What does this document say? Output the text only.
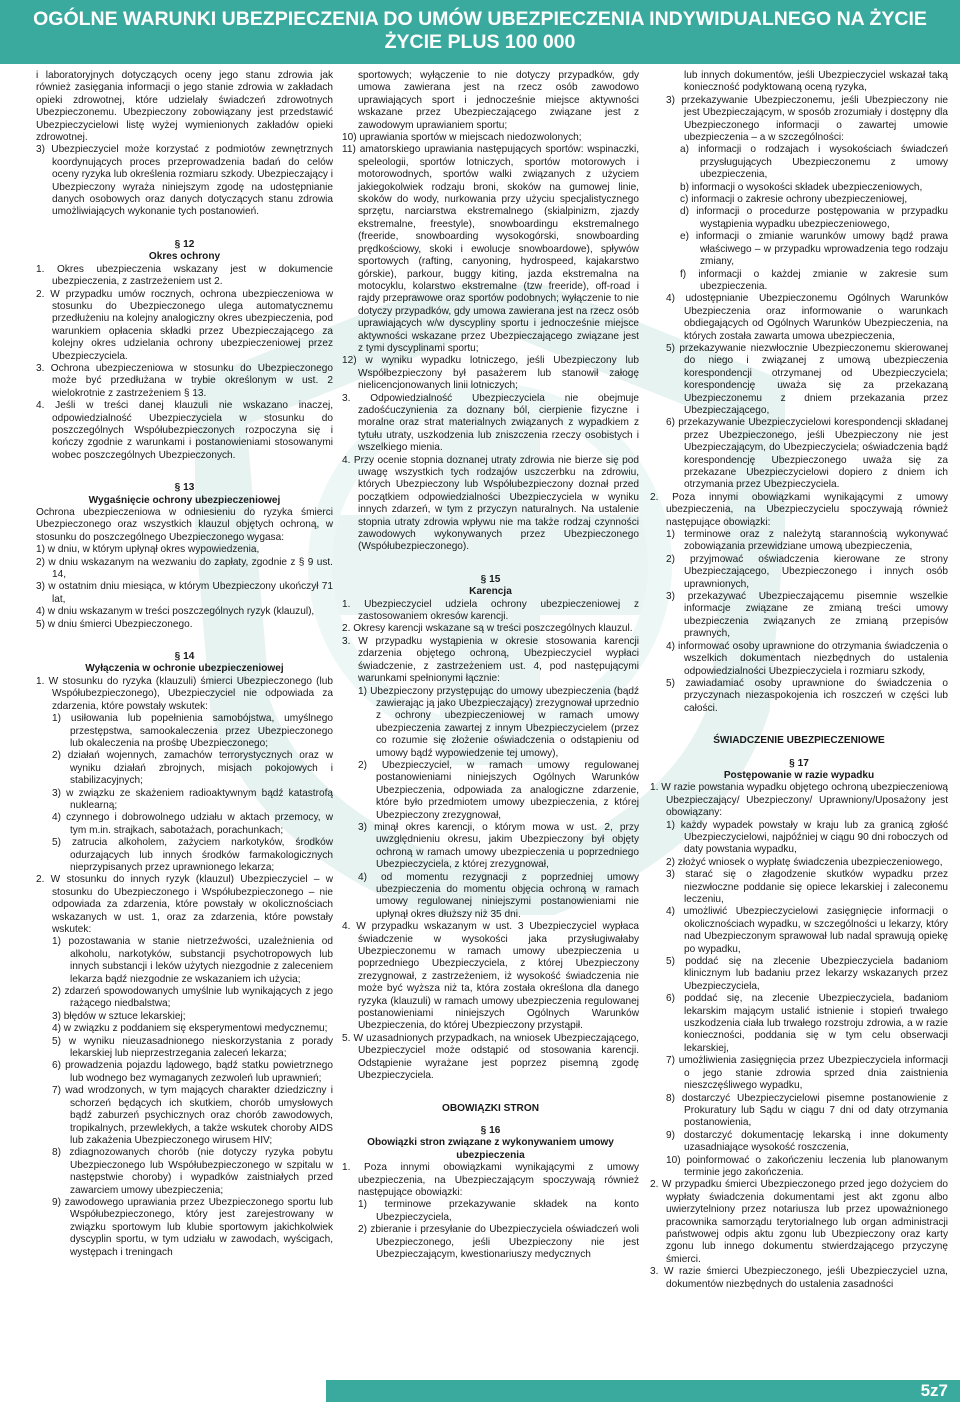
OGÓLNE WARUNKI UBEZPIECZENIA DO UMÓW UBEZPIECZENIA INDYWIDUALNEGO NA ŻYCIE
ŻYCIE PLUS 100 000

i laboratoryjnych dotyczących oceny jego stanu zdrowia jak również zasięgania informacji o jego stanie zdrowia w zakładach opieki zdrowotnej, które udzielały świadczeń zdrowotnych Ubezpieczonemu. Ubezpieczony zobowiązany jest przedstawić Ubezpieczycielowi listę wyżej wymienionych zakładów opieki zdrowotnej.

3) Ubezpieczyciel może korzystać z podmiotów zewnętrznych koordynujących proces przeprowadzenia badań do celów oceny ryzyka lub określenia rozmiaru szkody. Ubezpieczający i Ubezpieczony wyraża niniejszym zgodę na udostępnianie danych osobowych oraz danych dotyczących stanu zdrowia umożliwiających wykonanie tych postanowień.

§ 12

Okres ochrony

1. Okres ubezpieczenia wskazany jest w dokumencie ubezpieczenia, z zastrzeżeniem ust 2.

2. W przypadku umów rocznych, ochrona ubezpieczeniowa w stosunku do Ubezpieczonego ulega automatycznemu przedłużeniu na kolejny analogiczny okres ubezpieczenia, pod warunkiem opłacenia składki przez Ubezpieczającego za kolejny okres udzielania ochrony ubezpieczeniowej przez Ubezpieczyciela.

3. Ochrona ubezpieczeniowa w stosunku do Ubezpieczonego może być przedłużana w trybie określonym w ust. 2 wielokrotnie z zastrzeżeniem § 13.

4. Jeśli w treści danej klauzuli nie wskazano inaczej, odpowiedzialność Ubezpieczyciela w stosunku do poszczególnych Współubezpieczonych rozpoczyna się i kończy zgodnie z warunkami i postanowieniami stosowanymi wobec poszczególnych Ubezpieczonych.

§ 13

Wygaśnięcie ochrony ubezpieczeniowej

Ochrona ubezpieczeniowa w odniesieniu do ryzyka śmierci Ubezpieczonego oraz wszystkich klauzul objętych ochroną, w stosunku do poszczególnego Ubezpieczonego wygasa:

1) w dniu, w którym upłynął okres wypowiedzenia,

2) w dniu wskazanym na wezwaniu do zapłaty, zgodnie z § 9 ust. 14,

3) w ostatnim dniu miesiąca, w którym Ubezpieczony ukończył 71 lat,

4) w dniu wskazanym w treści poszczególnych ryzyk (klauzul),

5) w dniu śmierci Ubezpieczonego.

§ 14

Wyłączenia w ochronie ubezpieczeniowej

1. W stosunku do ryzyka (klauzuli) śmierci Ubezpieczonego (lub Współubezpieczonego), Ubezpieczyciel nie odpowiada za zdarzenia, które powstały wskutek:

1) usiłowania lub popełnienia samobójstwa, umyślnego przestępstwa, samookaleczenia przez Ubezpieczonego lub okaleczenia na prośbę Ubezpieczonego;

2) działań wojennych, zamachów terrorystycznych oraz w wyniku działań zbrojnych, misjach pokojowych i stabilizacyjnych;

3) w związku ze skażeniem radioaktywnym bądź katastrofą nuklearną;

4) czynnego i dobrowolnego udziału w aktach przemocy, w tym m.in. strajkach, sabotażach, porachunkach;

5) zatrucia alkoholem, zażyciem narkotyków, środków odurzających lub innych środków farmakologicznych nieprzypisanych przez uprawnionego lekarza;

2. W stosunku do innych ryzyk (klauzul) Ubezpieczyciel – w stosunku do Ubezpieczonego i Współubezpieczonego – nie odpowiada za zdarzenia, które powstały w okolicznościach wskazanych w ust. 1, oraz za zdarzenia, które powstały wskutek:

1) pozostawania w stanie nietrzeźwości, uzależnienia od alkoholu, narkotyków, substancji psychotropowych lub innych substancji i leków użytych niezgodnie z zaleceniem lekarza bądź niezgodnie ze wskazaniem ich użycia;

2) zdarzeń spowodowanych umyślnie lub wynikających z jego rażącego niedbalstwa;

3) błędów w sztuce lekarskiej;

4) w związku z poddaniem się eksperymentowi medycznemu;

5) w wyniku nieuzasadnionego nieskorzystania z porady lekarskiej lub nieprzestrzegania zaleceń lekarza;

6) prowadzenia pojazdu lądowego, bądź statku powietrznego lub wodnego bez wymaganych zezwoleń lub uprawnień;

7) wad wrodzonych, w tym mających charakter dziedziczny i schorzeń będących ich skutkiem, chorób umysłowych bądź zaburzeń psychicznych oraz chorób zawodowych, tropikalnych, przewlekłych, a także wskutek choroby AIDS lub zakażenia Ubezpieczonego wirusem HIV;

8) zdiagnozowanych chorób (nie dotyczy ryzyka pobytu Ubezpieczonego lub Współubezpieczonego w szpitalu w następstwie choroby) i wypadków zaistniałych przed zawarciem umowy ubezpieczenia;

9) zawodowego uprawiania przez Ubezpieczonego sportu lub Współubezpieczonego, który jest zarejestrowany w związku sportowym lub klubie sportowym jakichkolwiek dyscyplin sportu, w tym udziału w zawodach, wyścigach, występach i treningach

sportowych; wyłączenie to nie dotyczy przypadków, gdy umowa zawierana jest na rzecz osób zawodowo uprawiających sport i jednocześnie miejsce aktywności wskazane przez Ubezpieczającego związane jest z zawodowym uprawianiem sportu;

10) uprawiania sportów w miejscach niedozwolonych;

11) amatorskiego uprawiania następujących sportów: wspinaczki, speleologii, sportów lotniczych, sportów motorowych i motorowodnych, sportów walki związanych z użyciem jakiegokolwiek rodzaju broni, skoków na gumowej linie, skoków do wody, nurkowania przy użyciu specjalistycznego sprzętu, narciarstwa ekstremalnego (skialpinizm, zjazdy ekstremalne, freestyle), snowboardingu ekstremalnego (freeride, snowboarding wysokogórski, snowboarding prędkościowy, skoki i ewolucje snowboardowe), spływów sportowych (rafting, canyoning, hydrospeed, kajakarstwo górskie), parkour, buggy kiting, jazda ekstremalna na motocyklu, kolarstwo ekstremalne (tzw freeride), off-road i rajdy przeprawowe oraz sportów podobnych; wyłączenie to nie dotyczy przypadków, gdy umowa zawierana jest na rzecz osób uprawiających w/w dyscypliny sportu i jednocześnie miejsce aktywności wskazane przez Ubezpieczającego związane jest z tymi dyscyplinami sportu;

12) w wyniku wypadku lotniczego, jeśli Ubezpieczony lub Współbezpieczony był pasażerem lub stanowił załogę nielicencjonowanych linii lotniczych;

3. Odpowiedzialność Ubezpieczyciela nie obejmuje zadośćuczynienia za doznany ból, cierpienie fizyczne i moralne oraz strat materialnych związanych z wypadkiem z tytułu utraty, uszkodzenia lub zniszczenia rzeczy osobistych i wszelkiego mienia.

4. Przy ocenie stopnia doznanej utraty zdrowia nie bierze się pod uwagę wszystkich tych rodzajów uszczerbku na zdrowiu, których Ubezpieczony lub Współubezpieczony doznał przed początkiem odpowiedzialności Ubezpieczyciela w wyniku innych zdarzeń, w tym z przyczyn naturalnych. Na ustalenie stopnia utraty zdrowia wpływu nie ma także rodzaj czynności zawodowych wykonywanych przez Ubezpieczonego (Współubezpieczonego).

§ 15

Karencja

1. Ubezpieczyciel udziela ochrony ubezpieczeniowej z zastosowaniem okresów karencji.

2. Okresy karencji wskazane są w treści poszczególnych klauzul.

3. W przypadku wystąpienia w okresie stosowania karencji zdarzenia objętego ochroną, Ubezpieczyciel wypłaci świadczenie, z zastrzeżeniem ust. 4, pod następującymi warunkami spełnionymi łącznie:

1) Ubezpieczony przystępując do umowy ubezpieczenia (bądź zawierając ją jako Ubezpieczający) zrezygnował uprzednio z ochrony ubezpieczeniowej w ramach umowy ubezpieczenia zawartej z innym Ubezpieczycielem (przez co rozumie się złożenie oświadczenia o odstąpieniu od umowy bądź wypowiedzenie tej umowy),

2) Ubezpieczyciel, w ramach umowy regulowanej postanowieniami niniejszych Ogólnych Warunków Ubezpieczenia, odpowiada za analogiczne zdarzenie, które było przedmiotem umowy ubezpieczenia, z której Ubezpieczony zrezygnował,

3) minął okres karencji, o którym mowa w ust. 2, przy uwzględnieniu okresu, jakim Ubezpieczony był objęty ochroną w ramach umowy ubezpieczenia u poprzedniego Ubezpieczyciela, z której zrezygnował,

4) od momentu rezygnacji z poprzedniej umowy ubezpieczenia do momentu objęcia ochroną w ramach umowy regulowanej niniejszymi postanowieniami nie upłynął okres dłuższy niż 35 dni.

4. W przypadku wskazanym w ust. 3 Ubezpieczyciel wypłaca świadczenie w wysokości jaka przysługiwałaby Ubezpieczonemu w ramach umowy ubezpieczenia u poprzedniego Ubezpieczyciela, z której Ubezpieczony zrezygnował, z zastrzeżeniem, iż wysokość świadczenia nie może być wyższa niż ta, która została określona dla danego ryzyka (klauzuli) w ramach umowy ubezpieczenia regulowanej postanowieniami niniejszych Ogólnych Warunków Ubezpieczenia, do której Ubezpieczony przystąpił.

5. W uzasadnionych przypadkach, na wniosek Ubezpieczającego, Ubezpieczyciel może odstąpić od stosowania karencji. Odstąpienie wyrażane jest poprzez pisemną zgodę Ubezpieczyciela.

OBOWIĄZKI STRON

§ 16

Obowiązki stron związane z wykonywaniem umowy ubezpieczenia

1. Poza innymi obowiązkami wynikającymi z umowy ubezpieczenia, na Ubezpieczającym spoczywają również następujące obowiązki:

1) terminowe przekazywanie składek na konto Ubezpieczyciela,

2) zbieranie i przesyłanie do Ubezpieczyciela oświadczeń woli Ubezpieczonego, jeśli Ubezpieczony nie jest Ubezpieczającym, kwestionariuszy medycznych

lub innych dokumentów, jeśli Ubezpieczyciel wskazał taką konieczność podyktowaną oceną ryzyka,

3) przekazywanie Ubezpieczonemu, jeśli Ubezpieczony nie jest Ubezpieczającym, w sposób zrozumiały i dostępny dla Ubezpieczonego informacji o zawartej umowie ubezpieczenia – a w szczególności:

a) informacji o rodzajach i wysokościach świadczeń przysługujących Ubezpieczonemu z umowy ubezpieczenia,

b) informacji o wysokości składek ubezpieczeniowych,

c) informacji o zakresie ochrony ubezpieczeniowej,

d) informacji o procedurze postępowania w przypadku wystąpienia wypadku ubezpieczeniowego,

e) informacji o zmianie warunków umowy bądź prawa właściwego – w przypadku wprowadzenia tego rodzaju zmiany,

f) informacji o każdej zmianie w zakresie sum ubezpieczenia.

4) udostępnianie Ubezpieczonemu Ogólnych Warunków Ubezpieczenia oraz informowanie o warunkach obdiegających od Ogólnych Warunków Ubezpieczenia, na których została zawarta umowa ubezpieczenia,

5) przekazywanie niezwłocznie Ubezpieczonemu skierowanej do niego i związanej z umową ubezpieczenia korespondencji otrzymanej od Ubezpieczyciela; korespondencję uważa się za przekazaną Ubezpieczonemu z dniem przekazania przez Ubezpieczającego,

6) przekazywanie Ubezpieczycielowi korespondencji składanej przez Ubezpieczonego, jeśli Ubezpieczony nie jest Ubezpieczającym, do Ubezpieczyciela; oświadczenia bądź korespondencję Ubezpieczonego uważa się za przekazane Ubezpieczycielowi dopiero z dniem ich otrzymania przez Ubezpieczyciela.

2. Poza innymi obowiązkami wynikającymi z umowy ubezpieczenia, na Ubezpieczycielu spoczywają również następujące obowiązki:

1) terminowe oraz z należytą starannością wykonywać zobowiązania przewidziane umową ubezpieczenia,

2) przyjmować oświadczenia kierowane ze strony Ubezpieczającego, Ubezpieczonego i innych osób uprawnionych,

3) przekazywać Ubezpieczającemu pisemnie wszelkie informacje związane ze zmianą treści umowy ubezpieczenia związanych ze zmianą przepisów prawnych,

4) informować osoby uprawnione do otrzymania świadczenia o wszelkich dokumentach niezbędnych do ustalenia odpowiedzialności Ubezpieczyciela i rozmiaru szkody,

5) zawiadamiać osoby uprawnione do świadczenia o przyczynach niezaspokojenia ich roszczeń w części lub całości.

ŚWIADCZENIE UBEZPIECZENIOWE

§ 17

Postępowanie w razie wypadku

1. W razie powstania wypadku objętego ochroną ubezpieczeniową Ubezpieczający/ Ubezpieczony/ Uprawniony/Uposażony jest obowiązany:

1) każdy wypadek powstały w kraju lub za granicą zgłość Ubezpieczycielowi, najpóźniej w ciągu 90 dni roboczych od daty powstania wypadku,

2) złożyć wniosek o wypłatę świadczenia ubezpieczeniowego,

3) starać się o złagodzenie skutków wypadku przez niezwłoczne poddanie się opiece lekarskiej i zaleconemu leczeniu,

4) umożliwić Ubezpieczycielowi zasięgnięcie informacji o okolicznościach wypadku, w szczególności u lekarzy, który nad Ubezpieczonym sprawował lub nadal sprawują opiekę po wypadku,

5) poddać się na zlecenie Ubezpieczyciela badaniom klinicznym lub badaniu przez lekarzy wskazanych przez Ubezpieczyciela,

6) poddać się, na zlecenie Ubezpieczyciela, badaniom lekarskim mającym ustalić istnienie i stopień trwałego uszkodzenia ciała lub trwałego rozstroju zdrowia, a w razie konieczności, poddania się w tym celu obserwacji lekarskiej,

7) umożliwienia zasięgnięcia przez Ubezpieczyciela informacji o jego stanie zdrowia sprzed dnia zaistnienia nieszczęśliwego wypadku,

8) dostarczyć Ubezpieczycielowi pisemne postanowienie z Prokuratury lub Sądu w ciągu 7 dni od daty otrzymania postanowienia,

9) dostarczyć dokumentację lekarską i inne dokumenty uzasadniające wysokość roszczenia,

10) poinformować o zakończeniu leczenia lub planowanym terminie jego zakończenia.

2. W przypadku śmierci Ubezpieczonego przed jego dożyciem do wypłaty świadczenia dokumentami jest akt zgonu albo uwierzytelniony przez notariusza lub przez upoważnionego pracownika samorządu terytorialnego lub organ administracji państwowej odpis aktu zgonu lub Ubezpieczony oraz karty zgonu lub innego dokumentu stwierdzającego przyczynę śmierci.

3. W razie śmierci Ubezpieczonego, jeśli Ubezpieczyciel uzna, dokumentów niezbędnych do ustalenia zasadności

5z7
